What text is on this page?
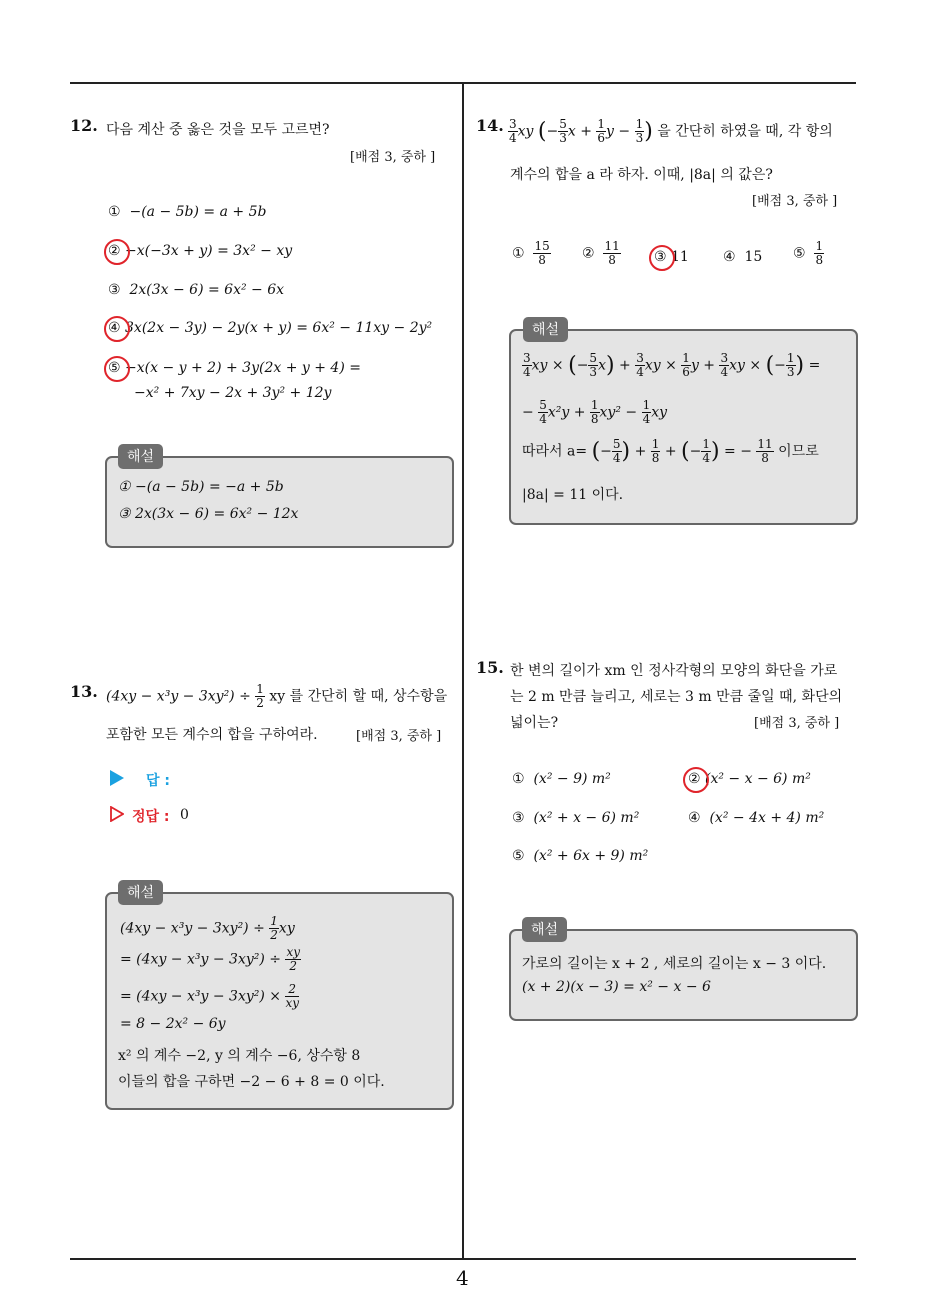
4
12. 다음 계산 중 옳은 것을 모두 고르면?
[배점 3, 중하 ]
① −(a − 5b) = a + 5b
② −x(−3x + y) = 3x² − xy
③ 2x(3x − 6) = 6x² − 6x
④ 3x(2x − 3y) − 2y(x + y) = 6x² − 11xy − 2y²
⑤ −x(x − y + 2) + 3y(2x + y + 4) =
−x² + 7xy − 2x + 3y² + 12y
해설
① −(a − 5b) = −a + 5b
③ 2x(3x − 6) = 6x² − 12x
13. $(4xy - x^3y - 3xy^2) \div \frac{1}{2}$ xy 를 간단히 할 때, 상수항을
포함한 모든 계수의 합을 구하여라.	[배점 3, 중하 ]
답 :
정답 : 0
해설
$(4xy - x^3y - 3xy^2) \div \frac{1}{2}$ xy
= $(4xy - x^3y - 3xy^2) \div \frac{xy}{2}$
= $(4xy - x^3y - 3xy^2) \times \frac{2}{xy}$
= 8 − 2x² − 6y
x² 의 계수 −2, y 의 계수 −6, 상수항 8
이들의 합을 구하면 −2 − 6 + 8 = 0 이다.
14. $\frac{3}{4}$ xy (− $\frac{5}{3}$ $x + \frac{1}{6}$ $y - \frac{1}{3}$ ) 을 간단히 하였을 때, 각 항의
계수의 합을 a 라 하자. 이때, |8a| 의 값은?
[배점 3, 중하 ]
① $\frac{15}{8}$ ② $\frac{11}{8}$ ③ 11 ④ 15 ⑤ $\frac{1}{8}$
해설
$\frac{3}{4}$ xy × (− $\frac{5}{3} x) + \frac{3}{4}$ xy × $\frac{1}{6}$ $y + \frac{3}{4}$ xy × (− $\frac{1}{3}$ ) =
− $\frac{5}{4} x^2y + \frac{1}{8} xy^2 - \frac{1}{4}$ xy
따라서 a= (− $\frac{5}{4}$ ) + $\frac{1}{8}$ + (− $\frac{1}{4}$ ) = − $\frac{11}{8}$ 이므로
|8a| = 11 이다.
15. 한 변의 길이가 xm 인 정사각형의 모양의 화단을 가로
는 2 m 만큼 늘리고, 세로는 3 m 만큼 줄일 때, 화단의
넓이는?	[배점 3, 중하 ]
① (x² − 9) m²	② (x² − x − 6) m²
③ (x² + x − 6) m²	④ (x² − 4x + 4) m²
⑤ (x² + 6x + 9) m²
해설
가로의 길이는 x + 2 , 세로의 길이는 x − 3 이다.
(x + 2)(x − 3) = x² − x − 6
